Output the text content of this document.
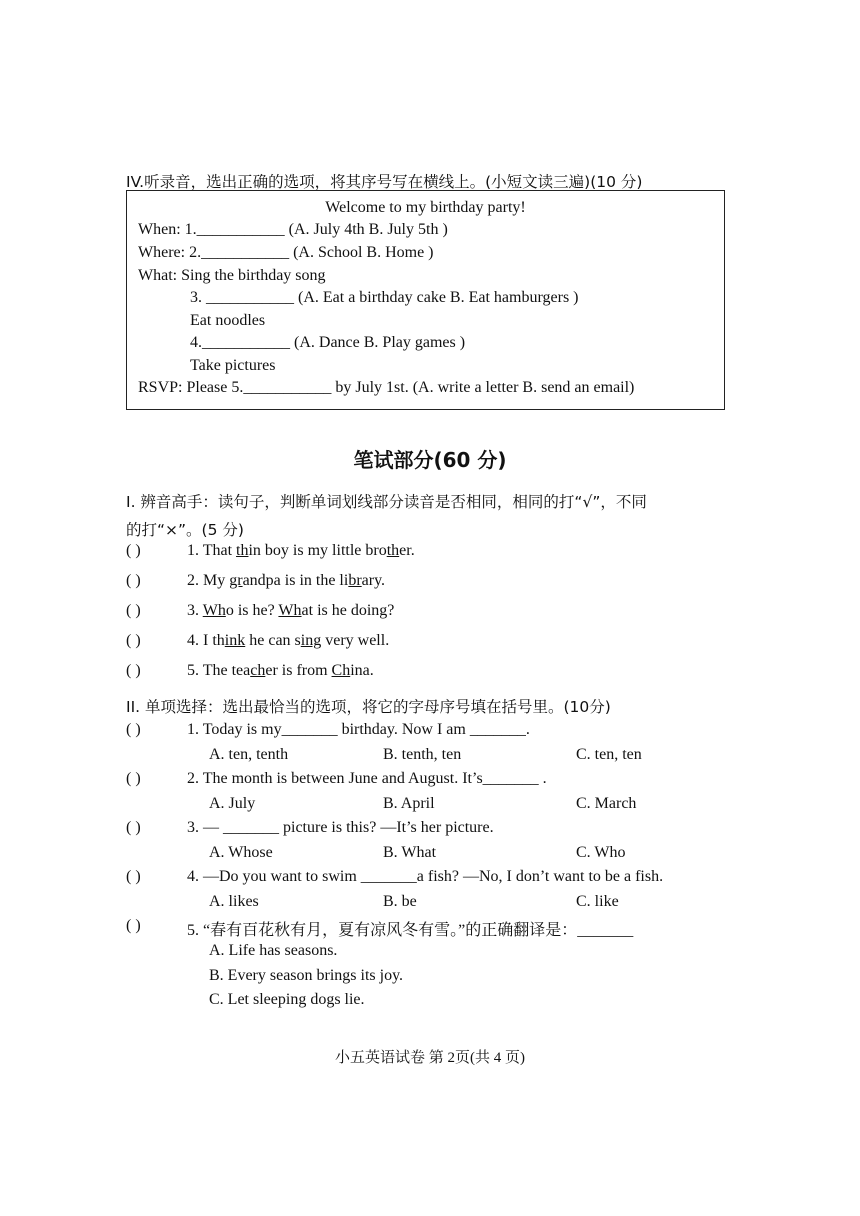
IV.听录音，选出正确的选项，将其序号写在横线上。(小短文读三遍)(10 分)
Welcome to my birthday party!
When: 1.___________ (A. July 4th B. July 5th )
Where: 2.___________ (A. School B. Home )
What: Sing the birthday song
3. ___________ (A. Eat a birthday cake B. Eat hamburgers )
Eat noodles
4.___________ (A. Dance B. Play games )
Take pictures
RSVP: Please 5.___________ by July 1st. (A. write a letter B. send an email)
笔试部分(60 分)
I. 辨音高手：读句子，判断单词划线部分读音是否相同，相同的打“√”，不同
的打“×”。(5 分)
( )	1. That thin boy is my little brother.
( )	2. My grandpa is in the library.
( )	3. Who is he? What is he doing?
( )	4. I think he can sing very well.
( )	5. The teacher is from China.
II. 单项选择：选出最恰当的选项，将它的字母序号填在括号里。(10分)
( )	1. Today is my_______ birthday. Now I am _______.
A. ten, tenth	B. tenth, ten	C. ten, ten
( )	2. The month is between June and August. It’s_______ .
A. July	B. April	C. March
( )	3. — _______ picture is this? —It’s her picture.
A. Whose	B. What	C. Who
( )	4. —Do you want to swim _______a fish? —No, I don’t want to be a fish.
A. likes	B. be	C. like
( )	5. “春有百花秋有月，夏有凉风冬有雪。”的正确翻译是：_______
A. Life has seasons.
B. Every season brings its joy.
C. Let sleeping dogs lie.
小五英语试卷 第 2页(共 4 页)
